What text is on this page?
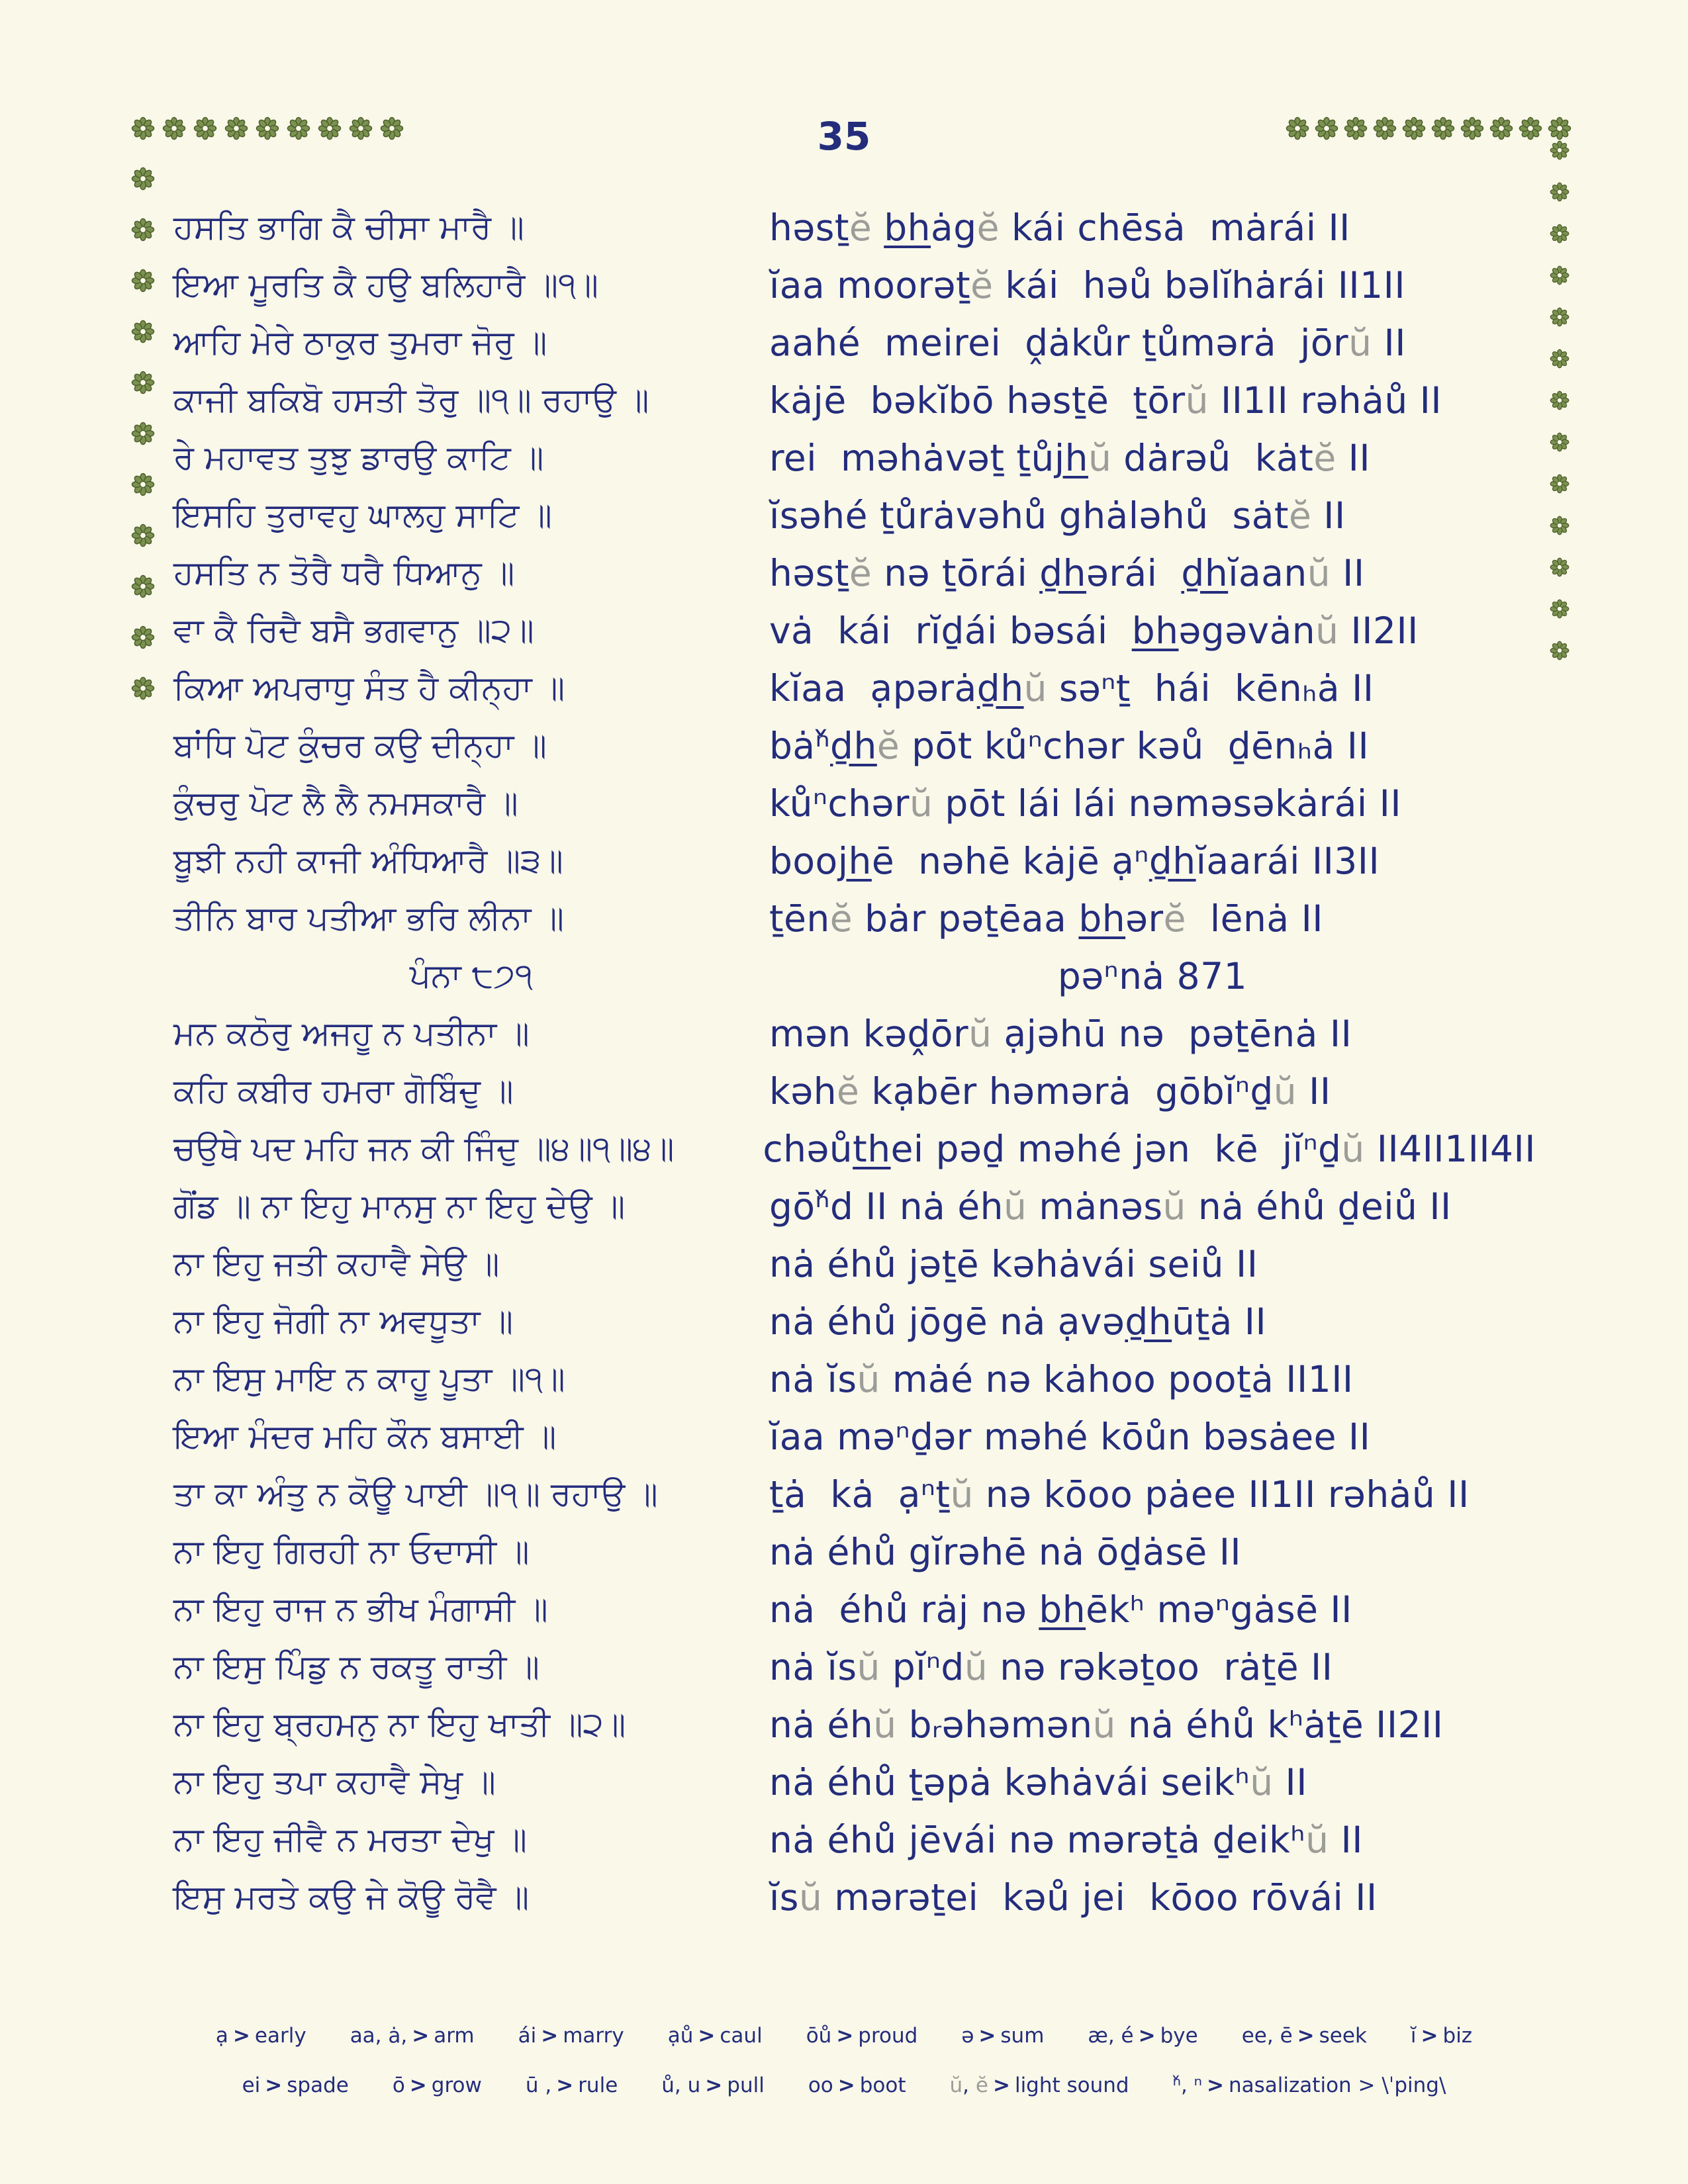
35
ਹਸਤਿ ਭਾਗਿ ਕੈ ਚੀਸਾ ਮਾਰੈ ॥	həsṯĕ bhȧgĕ kái chēsȧ  mȧrái II
ਇਆ ਮੂਰਤਿ ਕੈ ਹਉ ਬਲਿਹਾਰੈ ॥੧॥	ĭaa moorəṯĕ kái  həů bəlĭhȧrái II1II
ਆਹਿ ਮੇਰੇ ਠਾਕੁਰ ਤੁਮਰਾ ਜੋਰੁ ॥	aahé  meirei  ḓȧkůr ṯůmərȧ  jōrŭ II
ਕਾਜੀ ਬਕਿਬੋ ਹਸਤੀ ਤੋਰੁ ॥੧॥ ਰਹਾਉ ॥	kȧjē  bəkĭbō həsṯē  ṯōrŭ II1II rəhȧů II
ਰੇ ਮਹਾਵਤ ਤੁਝੁ ਡਾਰਉ ਕਾਟਿ ॥	rei  məhȧvəṯ ṯůjhŭ dȧrəů  kȧtĕ II
ਇਸਹਿ ਤੁਰਾਵਹੁ ਘਾਲਹੁ ਸਾਟਿ ॥	ĭsəhé ṯůrȧvəhů ghȧləhů  sȧtĕ II
ਹਸਤਿ ਨ ਤੋਰੈ ਧਰੈ ਧਿਆਨੁ ॥	həsṯĕ nə ṯōrái ḏhərái  ḏhĭaanŭ II
ਵਾ ਕੈ ਰਿਦੈ ਬਸੈ ਭਗਵਾਨੁ ॥੨॥	vȧ  kái  rĭḏái bəsái  bhəgəvȧnŭ II2II
ਕਿਆ ਅਪਰਾਧੁ ਸੰਤ ਹੈ ਕੀਨ੍ਹਾ ॥	kĭaa  ạpərȧḏhŭ səⁿṯ  hái  kēnₕȧ II
ਬਾਂਧਿ ਪੋਟ ਕੁੰਚਰ ਕਉ ਦੀਨ੍ਹਾ ॥	bȧⁿ̌ḏhĕ pōt kůⁿchər kəů  ḏēnₕȧ II
ਕੁੰਚਰੁ ਪੋਟ ਲੈ ਲੈ ਨਮਸਕਾਰੈ ॥	kůⁿchərŭ pōt lái lái nəməsəkȧrái II
ਬੂਝੀ ਨਹੀ ਕਾਜੀ ਅੰਧਿਆਰੈ ॥੩॥	boojhē  nəhē kȧjē ạⁿḏhĭaarái II3II
ਤੀਨਿ ਬਾਰ ਪਤੀਆ ਭਰਿ ਲੀਨਾ ॥	ṯēnĕ bȧr pəṯēaa bhərĕ  lēnȧ II
ਪੰਨਾ ੮੭੧	pəⁿnȧ 871
ਮਨ ਕਠੋਰੁ ਅਜਹੂ ਨ ਪਤੀਨਾ ॥	mən kəḓōrŭ ạjəhū nə  pəṯēnȧ II
ਕਹਿ ਕਬੀਰ ਹਮਰਾ ਗੋਬਿੰਦੁ ॥	kəhĕ kạbēr həmərȧ  gōbĭⁿḏŭ II
ਚਉਥੇ ਪਦ ਮਹਿ ਜਨ ਕੀ ਜਿੰਦੁ ॥੪॥੧॥੪॥	chəůthei pəḏ məhé jən  kē  jĭⁿḏŭ II4II1II4II
ਗੋਂਡ ॥ ਨਾ ਇਹੁ ਮਾਨਸੁ ਨਾ ਇਹੁ ਦੇਉ ॥	gōⁿ̌d II nȧ éhŭ mȧnəsŭ nȧ éhů ḏeiů II
ਨਾ ਇਹੁ ਜਤੀ ਕਹਾਵੈ ਸੇਉ ॥	nȧ éhů jəṯē kəhȧvái seiů II
ਨਾ ਇਹੁ ਜੋਗੀ ਨਾ ਅਵਧੂਤਾ ॥	nȧ éhů jōgē nȧ ạvəḏhūṯȧ II
ਨਾ ਇਸੁ ਮਾਇ ਨ ਕਾਹੂ ਪੂਤਾ ॥੧॥	nȧ ĭsŭ mȧé nə kȧhoo pooṯȧ II1II
ਇਆ ਮੰਦਰ ਮਹਿ ਕੌਨ ਬਸਾਈ ॥	ĭaa məⁿḏər məhé kōůn bəsȧee II
ਤਾ ਕਾ ਅੰਤੁ ਨ ਕੋਊ ਪਾਈ ॥੧॥ ਰਹਾਉ ॥	ṯȧ  kȧ  ạⁿṯŭ nə kōoo pȧee II1II rəhȧů II
ਨਾ ਇਹੁ ਗਿਰਹੀ ਨਾ ਓਦਾਸੀ ॥	nȧ éhů gĭrəhē nȧ ōḏȧsē II
ਨਾ ਇਹੁ ਰਾਜ ਨ ਭੀਖ ਮੰਗਾਸੀ ॥	nȧ  éhů rȧj nə bhēkʰ məⁿgȧsē II
ਨਾ ਇਸੁ ਪਿੰਡੁ ਨ ਰਕਤੂ ਰਾਤੀ ॥	nȧ ĭsŭ pĭⁿdŭ nə rəkəṯoo  rȧṯē II
ਨਾ ਇਹੁ ਬ੍ਰਹਮਨੁ ਨਾ ਇਹੁ ਖਾਤੀ ॥੨॥	nȧ éhŭ bᵣəhəmənŭ nȧ éhů kʰȧṯē II2II
ਨਾ ਇਹੁ ਤਪਾ ਕਹਾਵੈ ਸੇਖੁ ॥	nȧ éhů ṯəpȧ kəhȧvái seikʰŭ II
ਨਾ ਇਹੁ ਜੀਵੈ ਨ ਮਰਤਾ ਦੇਖੁ ॥	nȧ éhů jēvái nə mərəṯȧ ḏeikʰŭ II
ਇਸੁ ਮਰਤੇ ਕਉ ਜੇ ਕੋਊ ਰੋਵੈ ॥	ĭsŭ mərəṯei  kəů jei  kōoo rōvái II
ạ > early aa, ȧ, > arm ái > marry ạů > caul ōů > proud ə > sum æ, é > bye ee, ē > seek ĭ > biz
ei > spade ō > grow ū , > rule ů, u > pull oo > boot ŭ, ĕ > light sound ⁿ̌, ⁿ > nasalization > \ˈping\
